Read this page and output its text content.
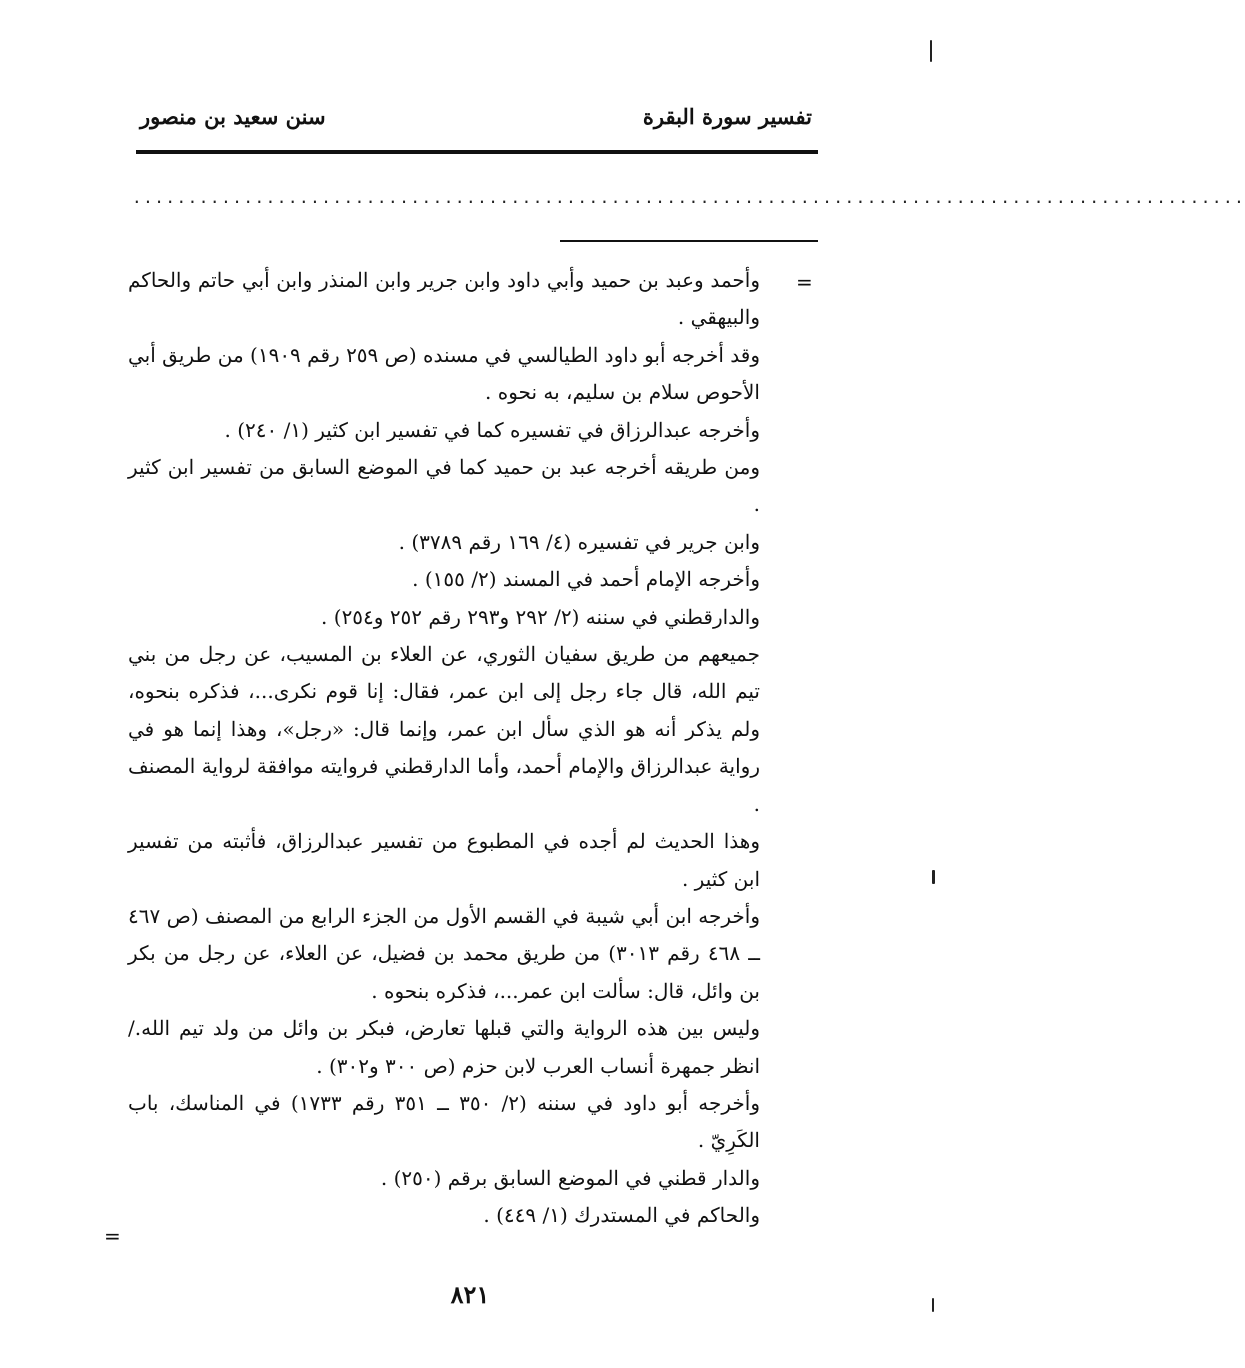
تفسير سورة البقرة
سنن سعيد بن منصور
....................................................................................................
=

وأحمد وعبد بن حميد وأبي داود وابن جرير وابن المنذر وابن أبي حاتم والحاكم والبيهقي .

وقد أخرجه أبو داود الطيالسي في مسنده (ص ٢٥٩ رقم ١٩٠٩) من طريق أبي الأحوص سلام بن سليم، به نحوه .

وأخرجه عبدالرزاق في تفسيره كما في تفسير ابن كثير (١/ ٢٤٠) .

ومن طريقه أخرجه عبد بن حميد كما في الموضع السابق من تفسير ابن كثير .

وابن جرير في تفسيره (٤/ ١٦٩ رقم ٣٧٨٩) .

وأخرجه الإمام أحمد في المسند (٢/ ١٥٥) .

والدارقطني في سننه (٢/ ٢٩٢ و٢٩٣ رقم ٢٥٢ و٢٥٤) .

جميعهم من طريق سفيان الثوري، عن العلاء بن المسيب، عن رجل من بني تيم الله، قال جاء رجل إلى ابن عمر، فقال: إنا قوم نكرى...، فذكره بنحوه، ولم يذكر أنه هو الذي سأل ابن عمر، وإنما قال: «رجل»، وهذا إنما هو في رواية عبدالرزاق والإمام أحمد، وأما الدارقطني فروايته موافقة لرواية المصنف .

وهذا الحديث لم أجده في المطبوع من تفسير عبدالرزاق، فأثبته من تفسير ابن كثير .

وأخرجه ابن أبي شيبة في القسم الأول من الجزء الرابع من المصنف (ص ٤٦٧ ــ ٤٦٨ رقم ٣٠١٣) من طريق محمد بن فضيل، عن العلاء، عن رجل من بكر بن وائل، قال: سألت ابن عمر...، فذكره بنحوه .

وليس بين هذه الرواية والتي قبلها تعارض، فبكر بن وائل من ولد تيم الله./ انظر جمهرة أنساب العرب لابن حزم (ص ٣٠٠ و٣٠٢) .

وأخرجه أبو داود في سننه (٢/ ٣٥٠ ــ ٣٥١ رقم ١٧٣٣) في المناسك، باب الكَرِيّ .

والدار قطني في الموضع السابق برقم (٢٥٠) .

والحاكم في المستدرك (١/ ٤٤٩) .

=
٨٢١
